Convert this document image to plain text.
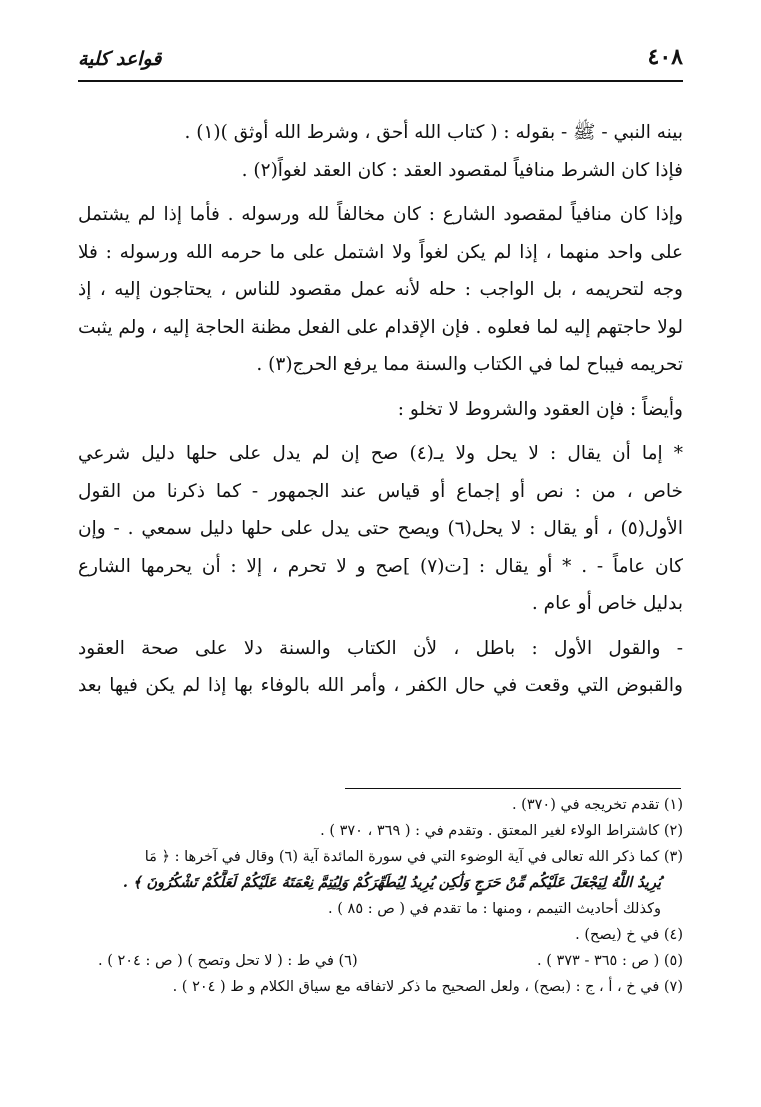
٤٠٨
قواعد كلية
بينه النبي - ﷺ - بقوله : ( كتاب الله أحق ، وشرط الله أوثق )(١) .
فإذا كان الشرط منافياً لمقصود العقد : كان العقد لغواً(٢) .
وإذا كان منافياً لمقصود الشارع : كان مخالفاً لله ورسوله . فأما إذا لم يشتمل
على واحد منهما ، إذا لم يكن لغواً ولا اشتمل على ما حرمه الله ورسوله : فلا
وجه لتحريمه ، بل الواجب : حله لأنه عمل مقصود للناس ، يحتاجون إليه ، إذ
لولا حاجتهم إليه لما فعلوه . فإن الإقدام على الفعل مظنة الحاجة إليه ، ولم يثبت
تحريمه فيباح لما في الكتاب والسنة مما يرفع الحرج(٣) .
وأيضاً : فإن العقود والشروط لا تخلو :
* إما أن يقال : لا يحل ولا يـ(٤) صح إن لم يدل على حلها دليل شرعي
خاص ، من : نص أو إجماع أو قياس عند الجمهور - كما ذكرنا من القول
الأول(٥) ، أو يقال : لا يحل(٦) ويصح حتى يدل على حلها دليل سمعي . - وإن
كان عاماً - . * أو يقال : [ت(٧) ]صح و لا تحرم ، إلا : أن يحرمها الشارع
بدليل خاص أو عام .
- والقول الأول : باطل ، لأن الكتاب والسنة دلا على صحة العقود
والقبوض التي وقعت في حال الكفر ، وأمر الله بالوفاء بها إذا لم يكن فيها بعد
(١) تقدم تخريجه في (٣٧٠) .
(٢) كاشتراط الولاء لغير المعتق . وتقدم في : ( ٣٦٩ ، ٣٧٠ ) .
(٣) كما ذكر الله تعالى في آية الوضوء التي في سورة المائدة آية (٦) وقال في آخرها : ﴿ مَا
يُرِيدُ اللَّهُ لِيَجْعَلَ عَلَيْكُم مِّنْ حَرَجٍ وَلَٰكِن يُرِيدُ لِيُطَهِّرَكُمْ وَلِيُتِمَّ نِعْمَتَهُ عَلَيْكُمْ لَعَلَّكُمْ تَشْكُرُونَ ﴾ .
وكذلك أحاديث التيمم ، ومنها : ما تقدم في ( ص : ٨٥ ) .
(٤) في خ (يصح) .
(٥) ( ص : ٣٦٥ - ٣٧٣ ) .
(٦) في ط : ( لا تحل وتصح ) ( ص : ٢٠٤ ) .
(٧) في خ ، أ ، ج : (بصح) ، ولعل الصحيح ما ذكر لاتفاقه مع سياق الكلام و ط ( ٢٠٤ ) .
